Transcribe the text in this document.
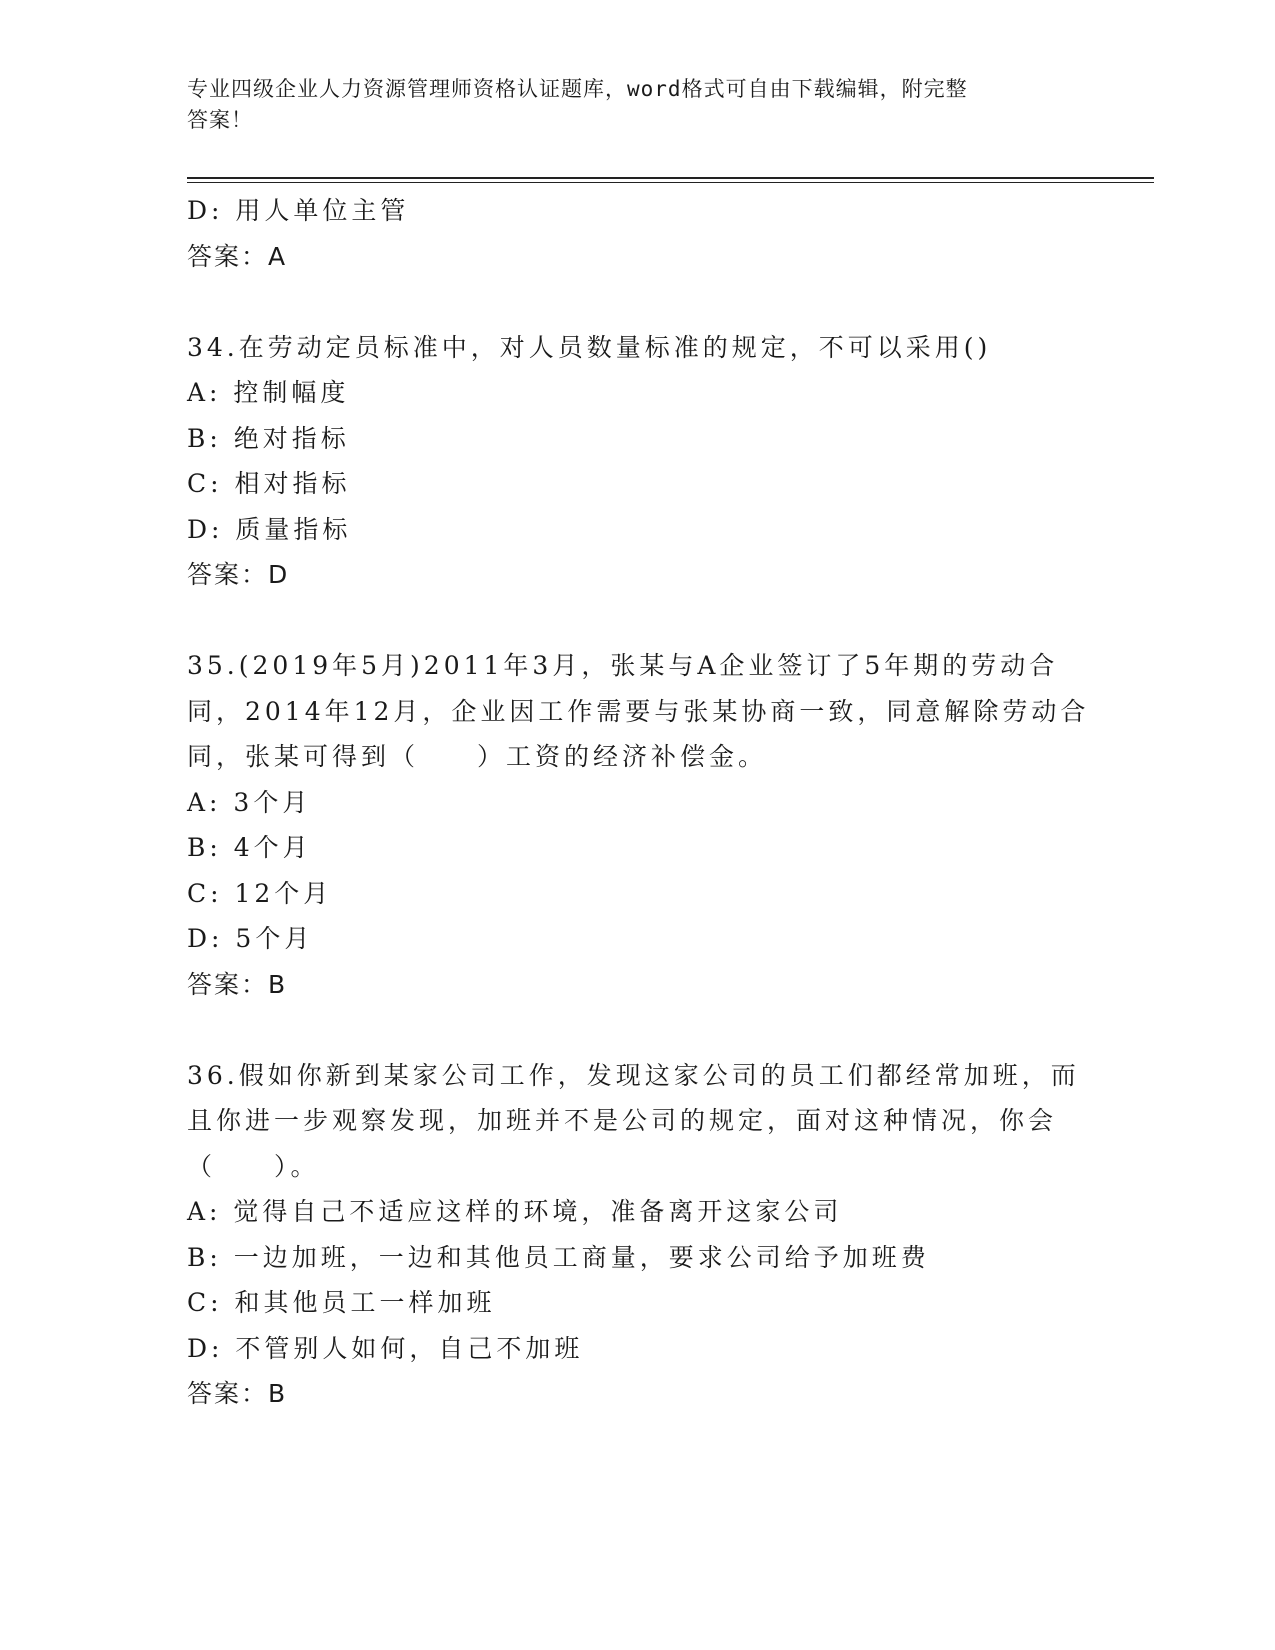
专业四级企业人力资源管理师资格认证题库，word格式可自由下载编辑，附完整
答案！
D: 用人单位主管
答案：A
34.在劳动定员标准中，对人员数量标准的规定，不可以采用()
A: 控制幅度
B: 绝对指标
C: 相对指标
D: 质量指标
答案：D
35.(2019年5月)2011年3月，张某与A企业签订了5年期的劳动合
同，2014年12月，企业因工作需要与张某协商一致，同意解除劳动合
同，张某可得到（　　）工资的经济补偿金。
A: 3个月
B: 4个月
C: 12个月
D: 5个月
答案：B
36.假如你新到某家公司工作，发现这家公司的员工们都经常加班，而
且你进一步观察发现，加班并不是公司的规定，面对这种情况，你会
（　　）。
A: 觉得自己不适应这样的环境，准备离开这家公司
B: 一边加班，一边和其他员工商量，要求公司给予加班费
C: 和其他员工一样加班
D: 不管别人如何，自己不加班
答案：B
